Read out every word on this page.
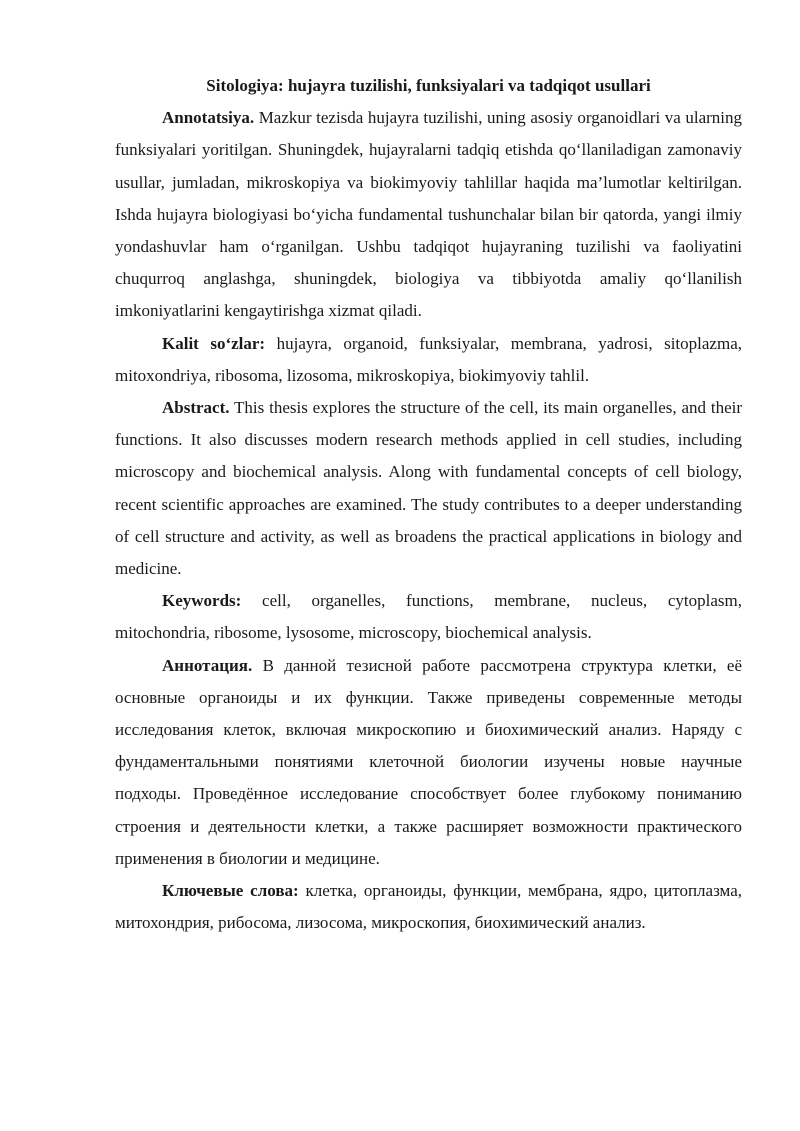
Sitologiya: hujayra tuzilishi, funksiyalari va tadqiqot usullari

Annotatsiya. Mazkur tezisda hujayra tuzilishi, uning asosiy organoidlari va ularning funksiyalari yoritilgan. Shuningdek, hujayralarni tadqiq etishda qo‘llaniladigan zamonaviy usullar, jumladan, mikroskopiya va biokimyoviy tahlillar haqida ma’lumotlar keltirilgan. Ishda hujayra biologiyasi bo‘yicha fundamental tushunchalar bilan bir qatorda, yangi ilmiy yondashuvlar ham o‘rganilgan. Ushbu tadqiqot hujayraning tuzilishi va faoliyatini chuqurroq anglashga, shuningdek, biologiya va tibbiyotda amaliy qo‘llanilish imkoniyatlarini kengaytirishga xizmat qiladi.

Kalit so‘zlar: hujayra, organoid, funksiyalar, membrana, yadrosi, sitoplazma, mitoxondriya, ribosoma, lizosoma, mikroskopiya, biokimyoviy tahlil.

Abstract. This thesis explores the structure of the cell, its main organelles, and their functions. It also discusses modern research methods applied in cell studies, including microscopy and biochemical analysis. Along with fundamental concepts of cell biology, recent scientific approaches are examined. The study contributes to a deeper understanding of cell structure and activity, as well as broadens the practical applications in biology and medicine.

Keywords: cell, organelles, functions, membrane, nucleus, cytoplasm, mitochondria, ribosome, lysosome, microscopy, biochemical analysis.

Аннотация. В данной тезисной работе рассмотрена структура клетки, её основные органоиды и их функции. Также приведены современные методы исследования клеток, включая микроскопию и биохимический анализ. Наряду с фундаментальными понятиями клеточной биологии изучены новые научные подходы. Проведённое исследование способствует более глубокому пониманию строения и деятельности клетки, а также расширяет возможности практического применения в биологии и медицине.

Ключевые слова: клетка, органоиды, функции, мембрана, ядро, цитоплазма, митохондрия, рибосома, лизосома, микроскопия, биохимический анализ.
